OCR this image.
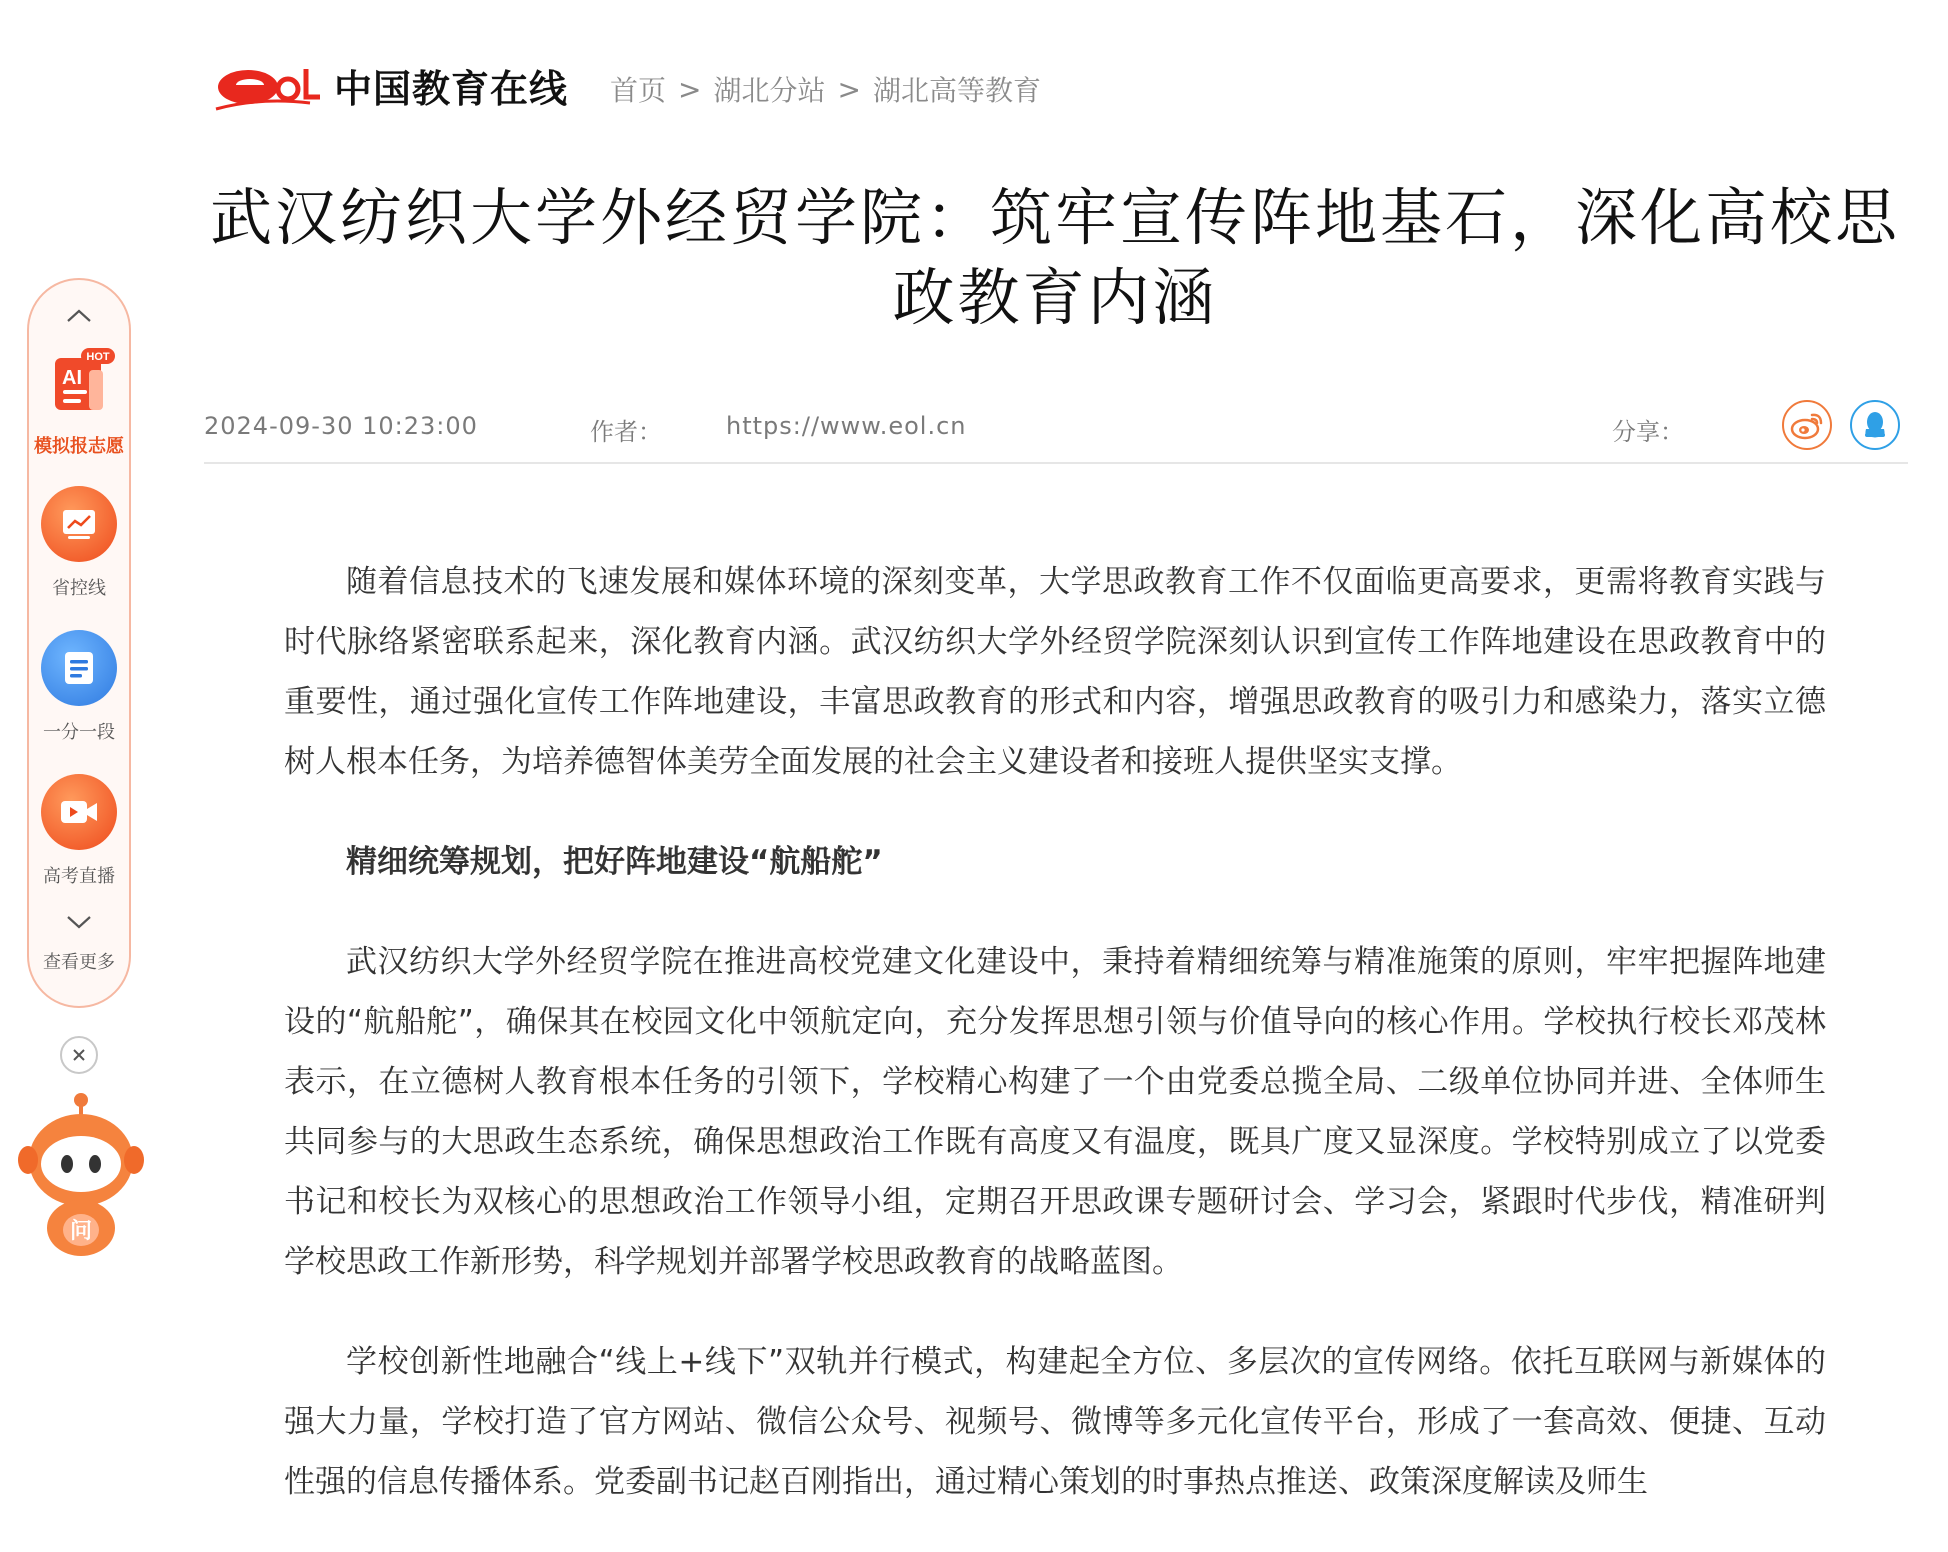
中国教育在线 首页 > 湖北分站 > 湖北高等教育
武汉纺织大学外经贸学院：筑牢宣传阵地基石，深化高校思政教育内涵
2024-09-30 10:23:00	作者：	https://www.eol.cn	分享：

随着信息技术的飞速发展和媒体环境的深刻变革，大学思政教育工作不仅面临更高要求，更需将教育实践与时代脉络紧密联系起来，深化教育内涵。武汉纺织大学外经贸学院深刻认识到宣传工作阵地建设在思政教育中的重要性，通过强化宣传工作阵地建设，丰富思政教育的形式和内容，增强思政教育的吸引力和感染力，落实立德树人根本任务，为培养德智体美劳全面发展的社会主义建设者和接班人提供坚实支撑。

精细统筹规划，把好阵地建设“航船舵”

武汉纺织大学外经贸学院在推进高校党建文化建设中，秉持着精细统筹与精准施策的原则，牢牢把握阵地建设的“航船舵”，确保其在校园文化中领航定向，充分发挥思想引领与价值导向的核心作用。学校执行校长邓茂林表示，在立德树人教育根本任务的引领下，学校精心构建了一个由党委总揽全局、二级单位协同并进、全体师生共同参与的大思政生态系统，确保思想政治工作既有高度又有温度，既具广度又显深度。学校特别成立了以党委书记和校长为双核心的思想政治工作领导小组，定期召开思政课专题研讨会、学习会，紧跟时代步伐，精准研判学校思政工作新形势，科学规划并部署学校思政教育的战略蓝图。

学校创新性地融合“线上+线下”双轨并行模式，构建起全方位、多层次的宣传网络。依托互联网与新媒体的强大力量，学校打造了官方网站、微信公众号、视频号、微博等多元化宣传平台，形成了一套高效、便捷、互动性强的信息传播体系。党委副书记赵百刚指出，通过精心策划的时事热点推送、政策深度解读及师生

HOT
AI
模拟报志愿
省控线
一分一段
高考直播
查看更多
问
